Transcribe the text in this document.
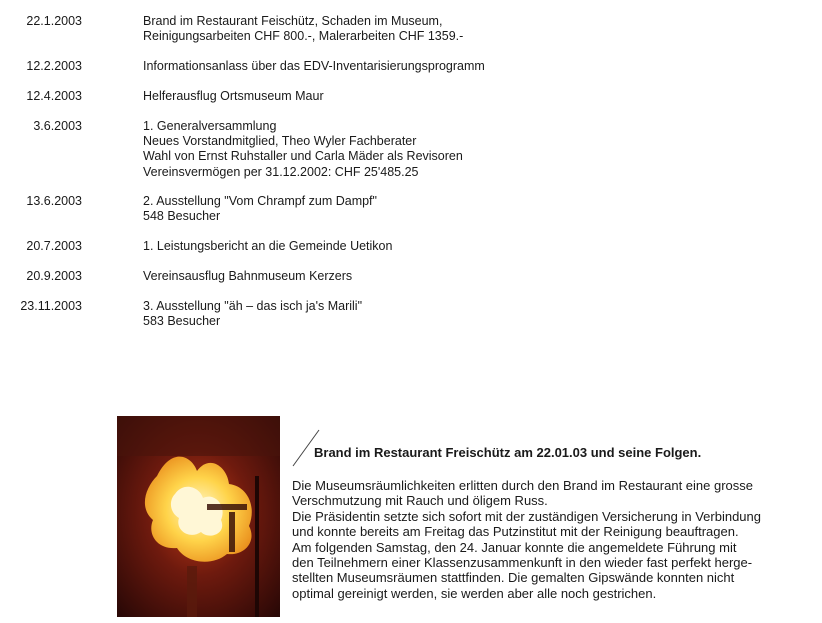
22.1.2003	Brand im Restaurant Feischütz, Schaden im Museum,
Reinigungsarbeiten CHF 800.-, Malerarbeiten CHF 1359.-
12.2.2003	Informationsanlass über das EDV-Inventarisierungsprogramm
12.4.2003	Helferausflug Ortsmuseum Maur
3.6.2003	1. Generalversammlung
Neues Vorstandmitglied, Theo Wyler Fachberater
Wahl von Ernst Ruhstaller und Carla Mäder als Revisoren
Vereinsvermögen per 31.12.2002: CHF 25'485.25
13.6.2003	2. Ausstellung "Vom Chrampf zum Dampf"
548 Besucher
20.7.2003	1. Leistungsbericht an die Gemeinde Uetikon
20.9.2003	Vereinsausflug Bahnmuseum Kerzers
23.11.2003	3. Ausstellung "äh – das isch ja's Marili"
583 Besucher
Brand im Restaurant Freischütz am 22.01.03 und seine Folgen.
Die Museumsräumlichkeiten erlitten durch den Brand im Restaurant eine grosse
Verschmutzung mit Rauch und öligem Russ.
Die Präsidentin setzte sich sofort mit der zuständigen Versicherung in Verbindung
und konnte bereits am Freitag das Putzinstitut mit der Reinigung beauftragen.
Am folgenden Samstag, den 24. Januar konnte die angemeldete Führung mit
den Teilnehmern einer Klassenzusammenkunft in den wieder fast perfekt herge-
stellten Museumsräumen stattfinden. Die gemalten Gipswände konnten nicht
optimal gereinigt werden, sie werden aber alle noch gestrichen.
